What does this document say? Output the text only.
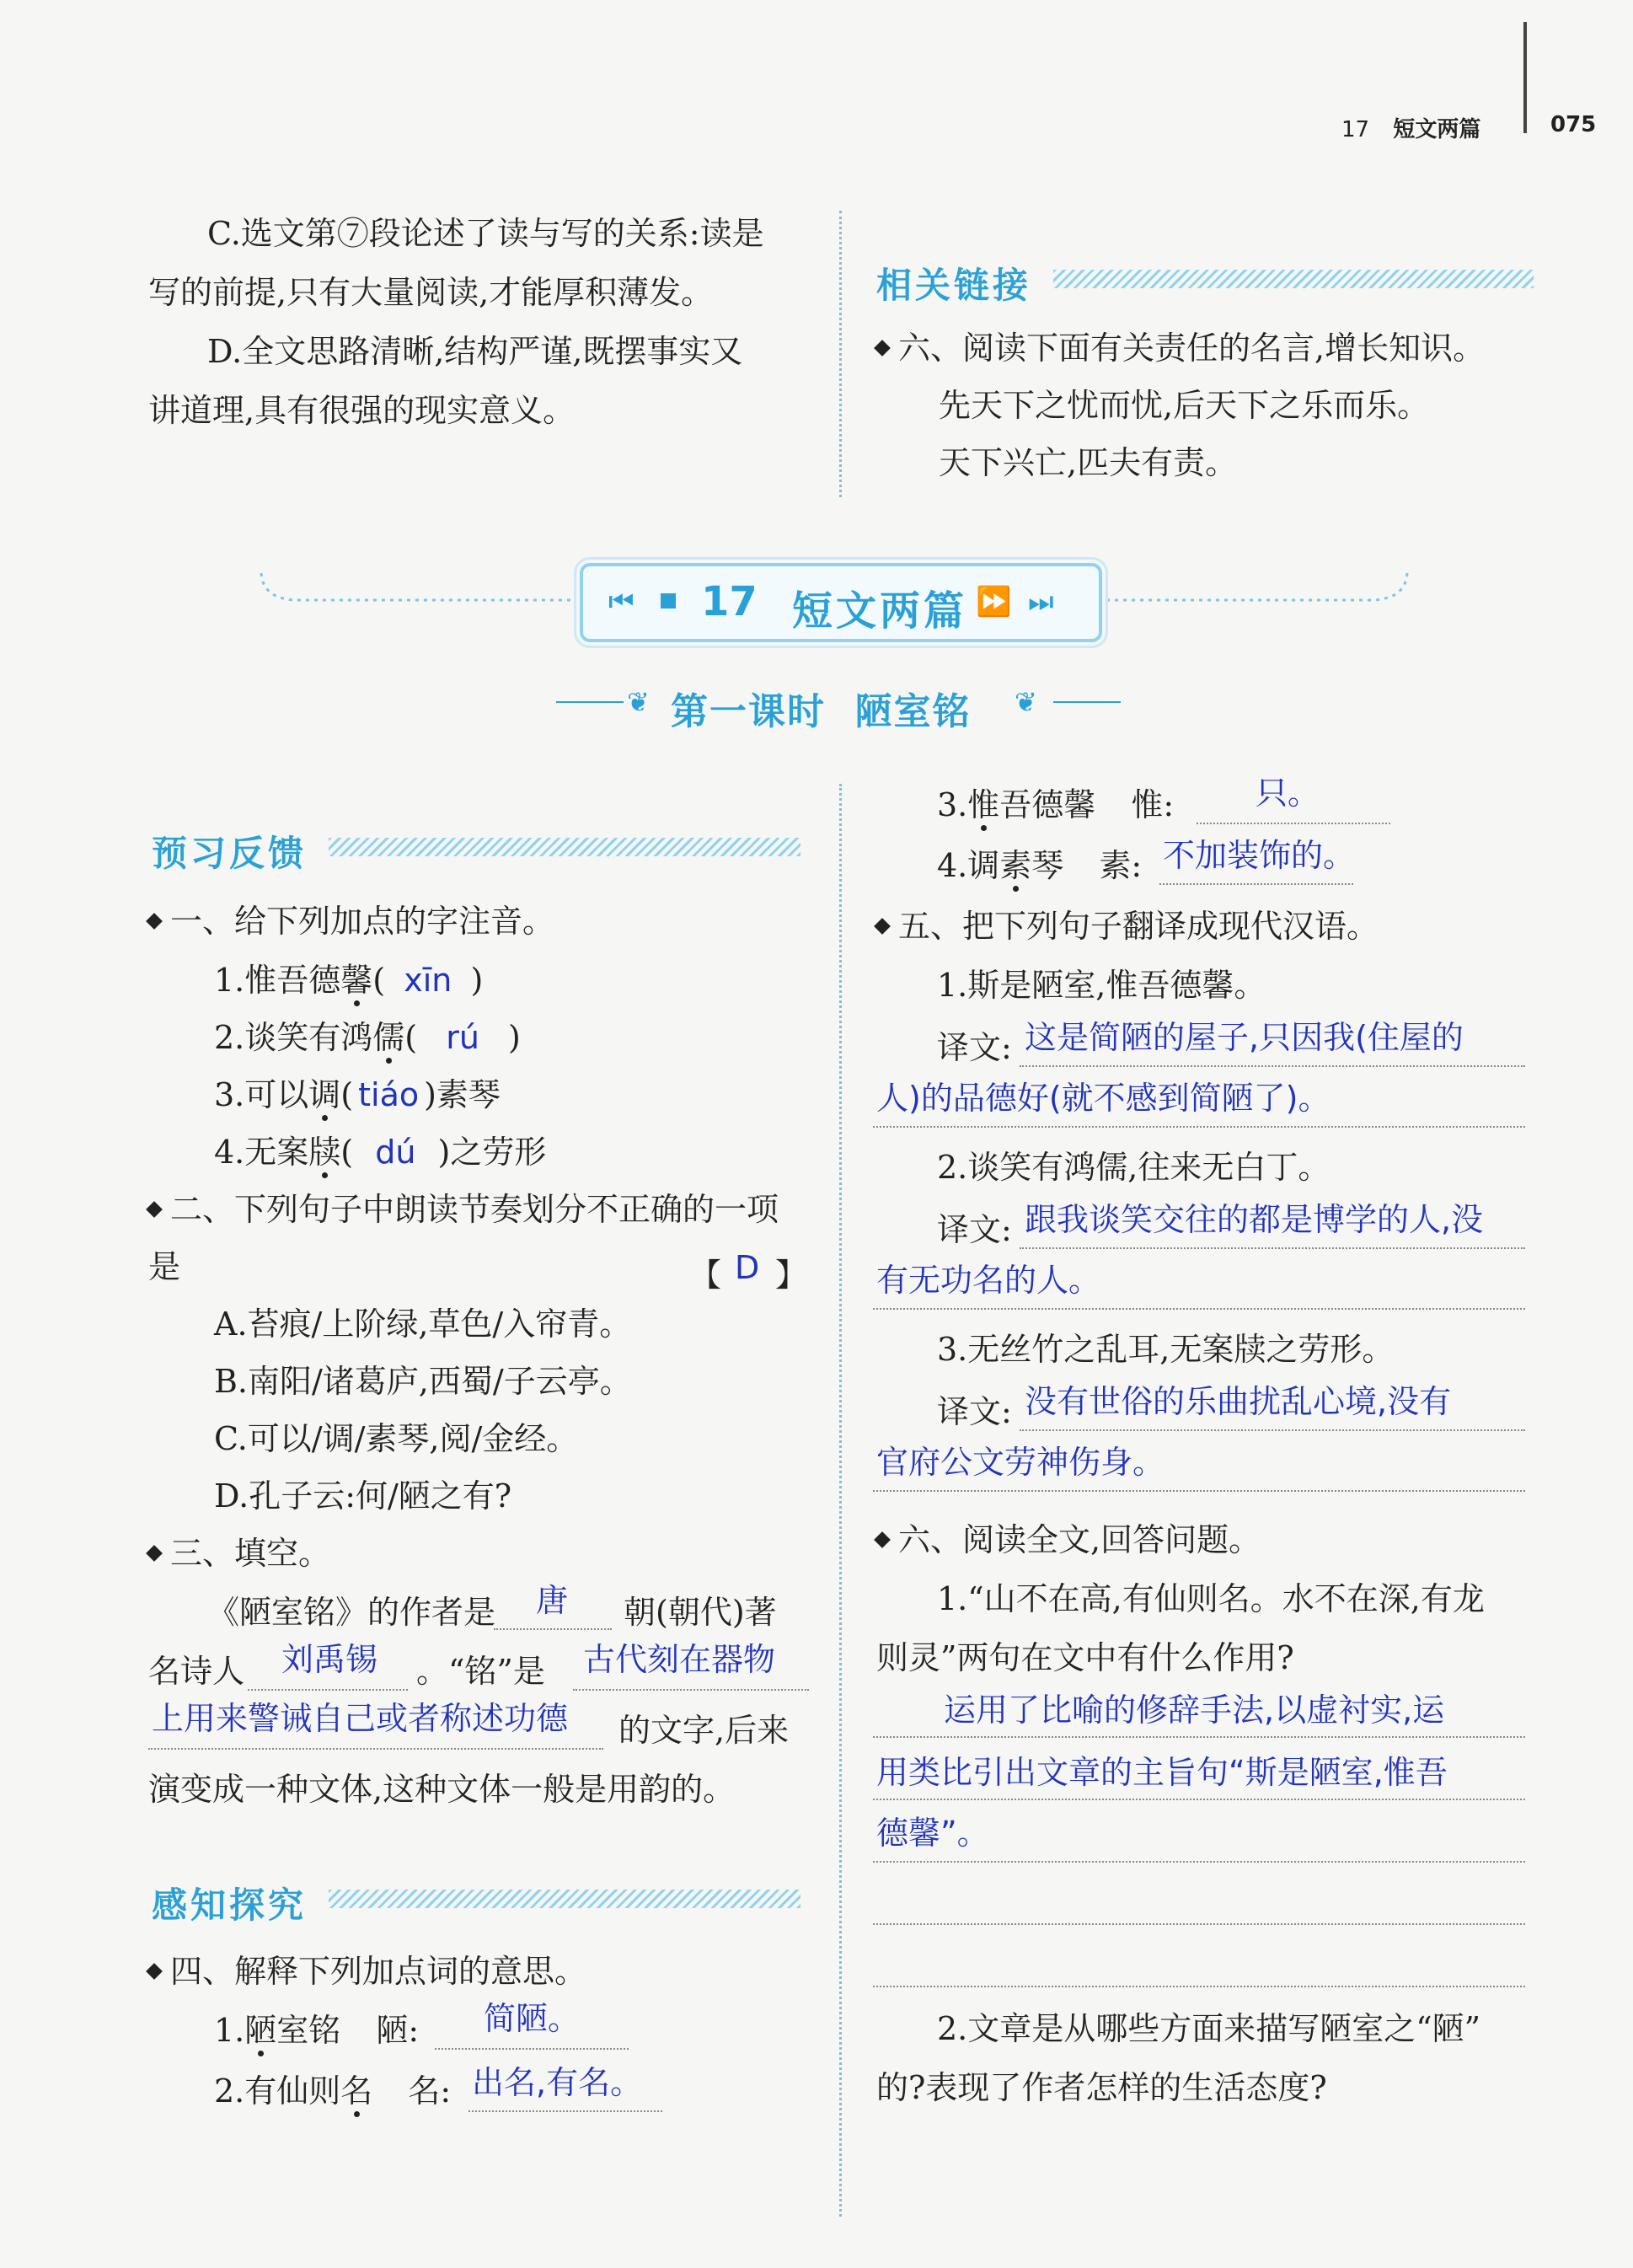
17 短文两篇	075
C.选文第⑦段论述了读与写的关系:读是
写的前提,只有大量阅读,才能厚积薄发。
D.全文思路清晰,结构严谨,既摆事实又
讲道理,具有很强的现实意义。
相关链接
六、阅读下面有关责任的名言,增长知识。
先天下之忧而忧,后天下之乐而乐。
天下兴亡,匹夫有责。
⏮ 17 短文两篇 ⏩ ⏭
❦ 第一课时  陋室铭 ❦
预习反馈
一、给下列加点的字注音。
1.惟吾德馨( xīn )
2.谈笑有鸿儒( rú )
3.可以调( tiáo )素琴
4.无案牍( dú )之劳形
二、下列句子中朗读节奏划分不正确的一项
是	【 D 】
A.苔痕/上阶绿,草色/入帘青。
B.南阳/诸葛庐,西蜀/子云亭。
C.可以/调/素琴,阅/金经。
D.孔子云:何/陋之有?
三、填空。
《陋室铭》的作者是 唐 朝(朝代)著
名诗人 刘禹锡 。“铭”是 古代刻在器物
上用来警诫自己或者称述功德 的文字,后来
演变成一种文体,这种文体一般是用韵的。
感知探究
四、解释下列加点词的意思。
1.陋室铭 陋: 简陋。
2.有仙则名 名: 出名,有名。
3.惟吾德馨 惟:	只。
4.调素琴 素: 不加装饰的。
五、把下列句子翻译成现代汉语。
1.斯是陋室,惟吾德馨。
译文: 这是简陋的屋子,只因我(住屋的
人)的品德好(就不感到简陋了)。
2.谈笑有鸿儒,往来无白丁。
译文: 跟我谈笑交往的都是博学的人,没
有无功名的人。
3.无丝竹之乱耳,无案牍之劳形。
译文: 没有世俗的乐曲扰乱心境,没有
官府公文劳神伤身。
六、阅读全文,回答问题。
1.“山不在高,有仙则名。水不在深,有龙
则灵”两句在文中有什么作用?
运用了比喻的修辞手法,以虚衬实,运
用类比引出文章的主旨句“斯是陋室,惟吾
德馨”。
2.文章是从哪些方面来描写陋室之“陋”
的?表现了作者怎样的生活态度?
